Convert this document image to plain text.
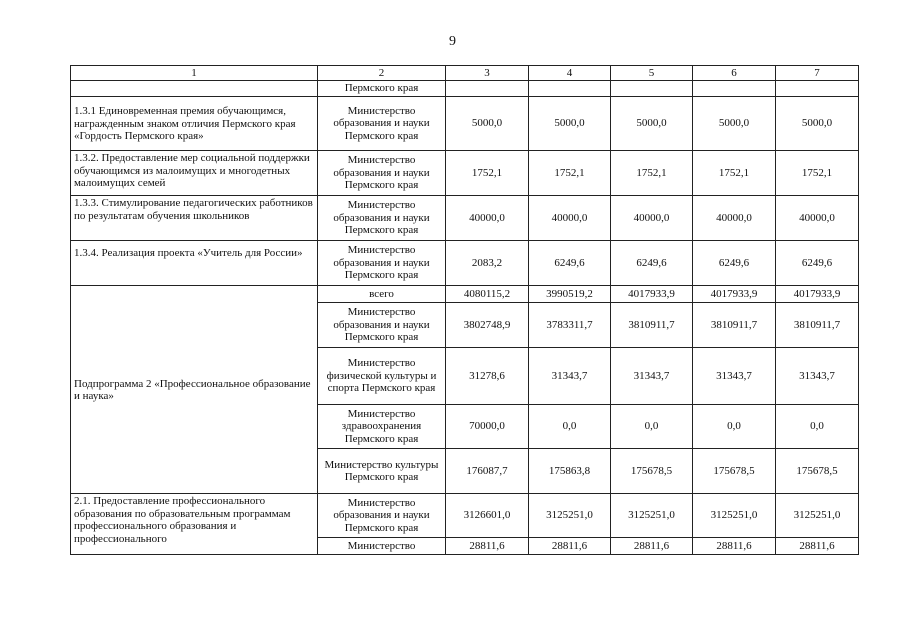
9
1	2	3	4	5	6	7
	Пермского края					
1.3.1 Единовременная премия обучающимся, награжденным знаком отличия Пермского края «Гордость Пермского края»	Министерство образования и науки Пермского края	5000,0	5000,0	5000,0	5000,0	5000,0
1.3.2. Предоставление мер социальной поддержки обучающимся из малоимущих и многодетных малоимущих семей	Министерство образования и науки Пермского края	1752,1	1752,1	1752,1	1752,1	1752,1
1.3.3. Стимулирование педагогических работников по результатам обучения школьников	Министерство образования и науки Пермского края	40000,0	40000,0	40000,0	40000,0	40000,0
1.3.4. Реализация проекта «Учитель для России»	Министерство образования и науки Пермского края	2083,2	6249,6	6249,6	6249,6	6249,6
Подпрограмма 2 «Профессиональное образование и наука»	всего	4080115,2	3990519,2	4017933,9	4017933,9	4017933,9
	Министерство образования и науки Пермского края	3802748,9	3783311,7	3810911,7	3810911,7	3810911,7
	Министерство физической культуры и спорта Пермского края	31278,6	31343,7	31343,7	31343,7	31343,7
	Министерство здравоохранения Пермского края	70000,0	0,0	0,0	0,0	0,0
	Министерство культуры Пермского края	176087,7	175863,8	175678,5	175678,5	175678,5
2.1. Предоставление профессионального образования по образовательным программам профессионального образования и профессионального	Министерство образования и науки Пермского края	3126601,0	3125251,0	3125251,0	3125251,0	3125251,0
	Министерство	28811,6	28811,6	28811,6	28811,6	28811,6
